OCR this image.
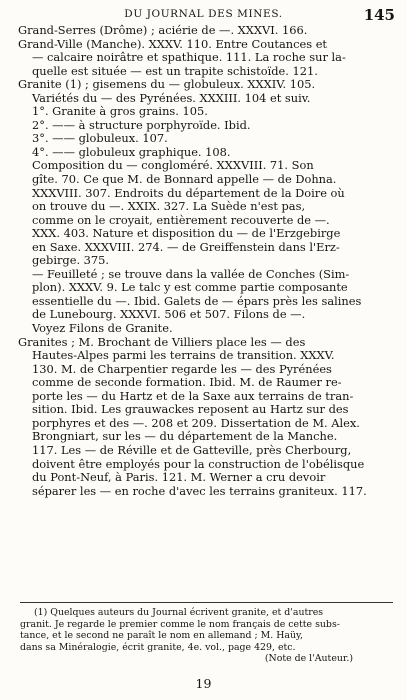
DU JOURNAL DES MINES.	145
Grand-Serres (Drôme) ; aciérie de —. XXXVI. 166.
Grand-Ville (Manche). XXXV. 110. Entre Coutances et
— calcaire noirâtre et spathique. 111. La roche sur la-
quelle est située — est un trapite schistoïde. 121.
Granite (1) ; gisemens du — globuleux. XXXIV. 105.
Variétés du — des Pyrénées. XXXIII. 104 et suiv.
1°. Granite à gros grains. 105.
2°. —— à structure porphyroïde. Ibid.
3°. —— globuleux. 107.
4°. —— globuleux graphique. 108.
Composition du — congloméré. XXXVIII. 71. Son
gîte. 70. Ce que M. de Bonnard appelle — de Dohna.
XXXVIII. 307. Endroits du département de la Doire où
on trouve du —. XXIX. 327. La Suède n'est pas,
comme on le croyait, entièrement recouverte de —.
XXX. 403. Nature et disposition du — de l'Erzgebirge
en Saxe. XXXVIII. 274. — de Greiffenstein dans l'Erz-
gebirge. 375.
— Feuilleté ; se trouve dans la vallée de Conches (Sim-
plon). XXXV. 9. Le talc y est comme partie composante
essentielle du —. Ibid. Galets de — épars près les salines
de Lunebourg. XXXVI. 506 et 507. Filons de —.
Voyez Filons de Granite.
Granites ; M. Brochant de Villiers place les — des
Hautes-Alpes parmi les terrains de transition. XXXV.
130. M. de Charpentier regarde les — des Pyrénées
comme de seconde formation. Ibid. M. de Raumer re-
porte les — du Hartz et de la Saxe aux terrains de tran-
sition. Ibid. Les grauwackes reposent au Hartz sur des
porphyres et des —. 208 et 209. Dissertation de M. Alex.
Brongniart, sur les — du département de la Manche.
117. Les — de Réville et de Gatteville, près Cherbourg,
doivent être employés pour la construction de l'obélisque
du Pont-Neuf, à Paris. 121. M. Werner a cru devoir
séparer les — en roche d'avec les terrains graniteux. 117.
(1) Quelques auteurs du Journal écrivent granite, et d'autres
granit. Je regarde le premier comme le nom français de cette subs-
tance, et le second ne paraît le nom en allemand ; M. Haüy,
dans sa Minéralogie, écrit granite, 4e. vol., page 429, etc.
(Note de l'Auteur.)
19
